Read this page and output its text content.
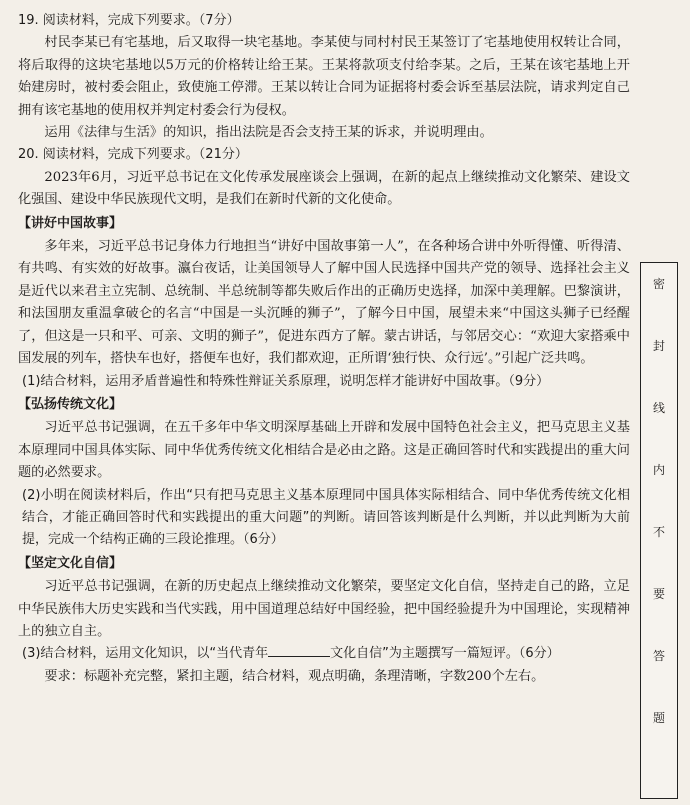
19. 阅读材料，完成下列要求。（7分）

村民李某已有宅基地，后又取得一块宅基地。李某使与同村村民王某签订了宅基地使用权转让合同，将后取得的这块宅基地以5万元的价格转让给王某。王某将款项支付给李某。之后，王某在该宅基地上开始建房时，被村委会阻止，致使施工停滞。王某以转让合同为证据将村委会诉至基层法院，请求判定自己拥有该宅基地的使用权并判定村委会行为侵权。

运用《法律与生活》的知识，指出法院是否会支持王某的诉求，并说明理由。

20. 阅读材料，完成下列要求。（21分）

2023年6月，习近平总书记在文化传承发展座谈会上强调，在新的起点上继续推动文化繁荣、建设文化强国、建设中华民族现代文明，是我们在新时代新的文化使命。

【讲好中国故事】

多年来，习近平总书记身体力行地担当“讲好中国故事第一人”，在各种场合讲中外听得懂、听得清、有共鸣、有实效的好故事。瀛台夜话，让美国领导人了解中国人民选择中国共产党的领导、选择社会主义是近代以来君主立宪制、总统制、半总统制等都失败后作出的正确历史选择，加深中美理解。巴黎演讲，和法国朋友重温拿破仑的名言“中国是一头沉睡的狮子”，了解今日中国，展望未来“中国这头狮子已经醒了，但这是一只和平、可亲、文明的狮子”，促进东西方了解。蒙古讲话，与邻居交心：“欢迎大家搭乘中国发展的列车，搭快车也好，搭便车也好，我们都欢迎，正所谓‘独行快、众行远’。”引起广泛共鸣。

(1)结合材料，运用矛盾普遍性和特殊性辩证关系原理，说明怎样才能讲好中国故事。（9分）

【弘扬传统文化】

习近平总书记强调，在五千多年中华文明深厚基础上开辟和发展中国特色社会主义，把马克思主义基本原理同中国具体实际、同中华优秀传统文化相结合是必由之路。这是正确回答时代和实践提出的重大问题的必然要求。

(2)小明在阅读材料后，作出“只有把马克思主义基本原理同中国具体实际相结合、同中华优秀传统文化相结合，才能正确回答时代和实践提出的重大问题”的判断。请回答该判断是什么判断，并以此判断为大前提，完成一个结构正确的三段论推理。（6分）

【坚定文化自信】

习近平总书记强调，在新的历史起点上继续推动文化繁荣，要坚定文化自信，坚持走自己的路，立足中华民族伟大历史实践和当代实践，用中国道理总结好中国经验，把中国经验提升为中国理论，实现精神上的独立自主。

(3)结合材料，运用文化知识，以“当代青年	文化自信”为主题撰写一篇短评。（6分）

要求：标题补充完整，紧扣主题，结合材料，观点明确，条理清晰，字数200个左右。

密
封
线
内
不
要
答
题
